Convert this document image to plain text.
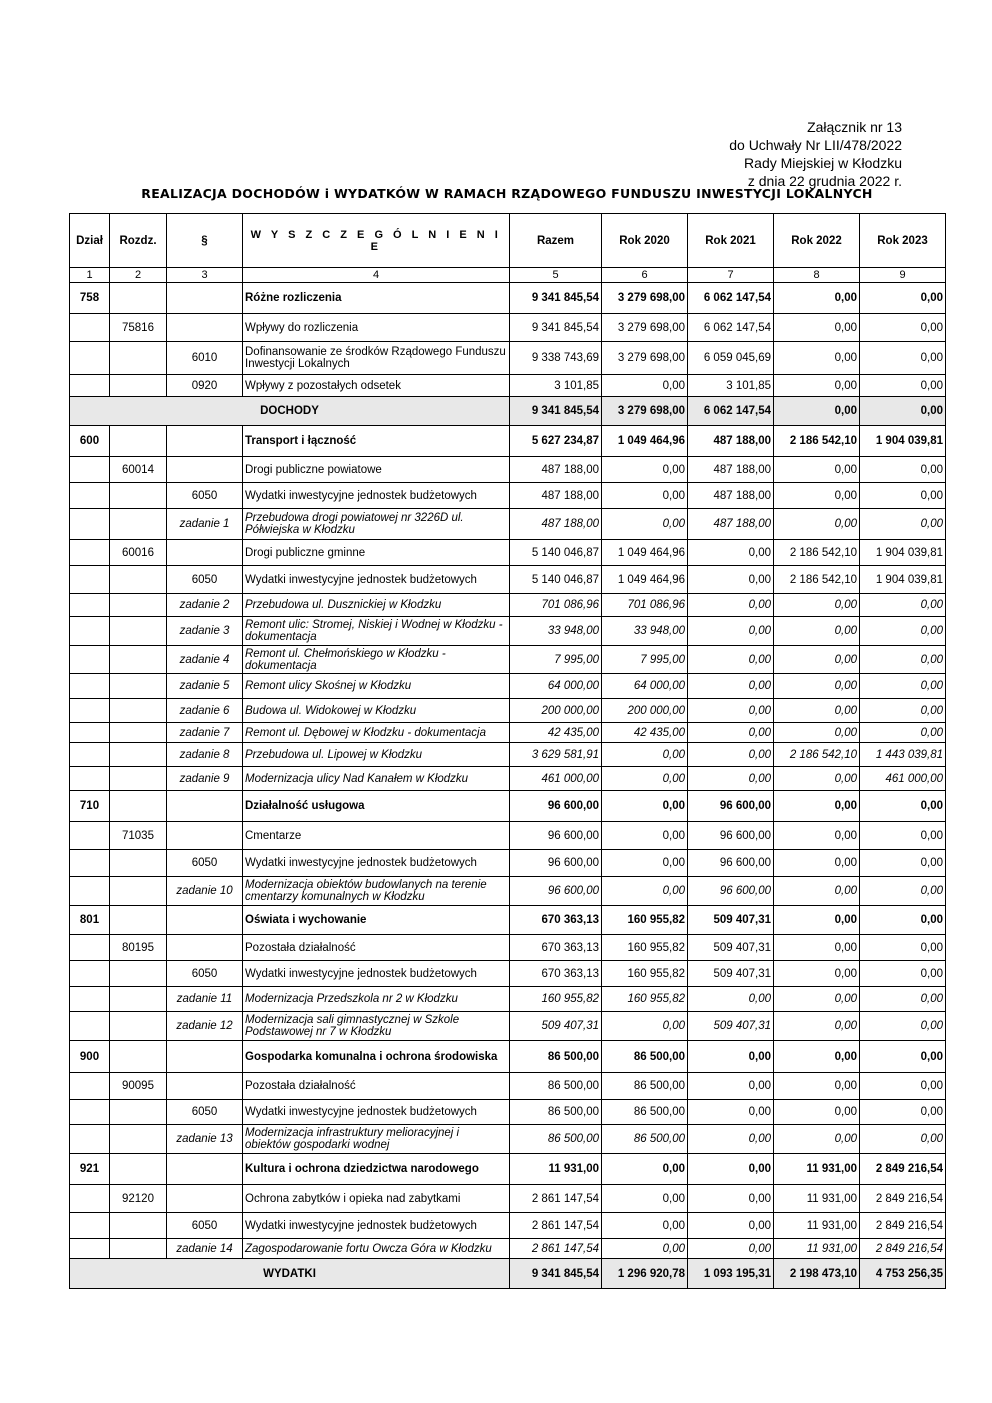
Załącznik nr 13
do Uchwały Nr LII/478/2022
Rady Miejskiej w Kłodzku
z dnia 22 grudnia 2022 r.
REALIZACJA DOCHODÓW i WYDATKÓW W RAMACH RZĄDOWEGO FUNDUSZU INWESTYCJI LOKALNYCH
Dział	Rozdz.	§	W Y S Z C Z E G Ó L N I E N I E	Razem	Rok 2020	Rok 2021	Rok 2022	Rok 2023
1	2	3	4	5	6	7	8	9
758			Różne rozliczenia	9 341 845,54	3 279 698,00	6 062 147,54	0,00	0,00
	75816		Wpływy do rozliczenia	9 341 845,54	3 279 698,00	6 062 147,54	0,00	0,00
		6010	Dofinansowanie ze środków Rządowego Funduszu Inwestycji Lokalnych	9 338 743,69	3 279 698,00	6 059 045,69	0,00	0,00
		0920	Wpływy z pozostałych odsetek	3 101,85	0,00	3 101,85	0,00	0,00
DOCHODY				9 341 845,54	3 279 698,00	6 062 147,54	0,00	0,00
600			Transport i łączność	5 627 234,87	1 049 464,96	487 188,00	2 186 542,10	1 904 039,81
	60014		Drogi publiczne powiatowe	487 188,00	0,00	487 188,00	0,00	0,00
		6050	Wydatki inwestycyjne jednostek budżetowych	487 188,00	0,00	487 188,00	0,00	0,00
		zadanie 1	Przebudowa drogi powiatowej nr 3226D ul. Półwiejska w Kłodzku	487 188,00	0,00	487 188,00	0,00	0,00
	60016		Drogi publiczne gminne	5 140 046,87	1 049 464,96	0,00	2 186 542,10	1 904 039,81
		6050	Wydatki inwestycyjne jednostek budżetowych	5 140 046,87	1 049 464,96	0,00	2 186 542,10	1 904 039,81
		zadanie 2	Przebudowa ul. Dusznickiej w Kłodzku	701 086,96	701 086,96	0,00	0,00	0,00
		zadanie 3	Remont ulic: Stromej, Niskiej i Wodnej w Kłodzku - dokumentacja	33 948,00	33 948,00	0,00	0,00	0,00
		zadanie 4	Remont ul. Chełmońskiego w Kłodzku - dokumentacja	7 995,00	7 995,00	0,00	0,00	0,00
		zadanie 5	Remont ulicy Skośnej w Kłodzku	64 000,00	64 000,00	0,00	0,00	0,00
		zadanie 6	Budowa ul. Widokowej w Kłodzku	200 000,00	200 000,00	0,00	0,00	0,00
		zadanie 7	Remont ul. Dębowej w Kłodzku - dokumentacja	42 435,00	42 435,00	0,00	0,00	0,00
		zadanie 8	Przebudowa ul. Lipowej w Kłodzku	3 629 581,91	0,00	0,00	2 186 542,10	1 443 039,81
		zadanie 9	Modernizacja ulicy Nad Kanałem w Kłodzku	461 000,00	0,00	0,00	0,00	461 000,00
710			Działalność usługowa	96 600,00	0,00	96 600,00	0,00	0,00
	71035		Cmentarze	96 600,00	0,00	96 600,00	0,00	0,00
		6050	Wydatki inwestycyjne jednostek budżetowych	96 600,00	0,00	96 600,00	0,00	0,00
		zadanie 10	Modernizacja obiektów budowlanych na terenie cmentarzy komunalnych w Kłodzku	96 600,00	0,00	96 600,00	0,00	0,00
801			Oświata i wychowanie	670 363,13	160 955,82	509 407,31	0,00	0,00
	80195		Pozostała działalność	670 363,13	160 955,82	509 407,31	0,00	0,00
		6050	Wydatki inwestycyjne jednostek budżetowych	670 363,13	160 955,82	509 407,31	0,00	0,00
		zadanie 11	Modernizacja Przedszkola nr 2 w Kłodzku	160 955,82	160 955,82	0,00	0,00	0,00
		zadanie 12	Modernizacja sali gimnastycznej w Szkole Podstawowej nr 7 w Kłodzku	509 407,31	0,00	509 407,31	0,00	0,00
900			Gospodarka komunalna i ochrona środowiska	86 500,00	86 500,00	0,00	0,00	0,00
	90095		Pozostała działalność	86 500,00	86 500,00	0,00	0,00	0,00
		6050	Wydatki inwestycyjne jednostek budżetowych	86 500,00	86 500,00	0,00	0,00	0,00
		zadanie 13	Modernizacja infrastruktury melioracyjnej i obiektów gospodarki wodnej	86 500,00	86 500,00	0,00	0,00	0,00
921			Kultura i ochrona dziedzictwa narodowego	11 931,00	0,00	0,00	11 931,00	2 849 216,54
	92120		Ochrona zabytków i opieka nad zabytkami	2 861 147,54	0,00	0,00	11 931,00	2 849 216,54
		6050	Wydatki inwestycyjne jednostek budżetowych	2 861 147,54	0,00	0,00	11 931,00	2 849 216,54
		zadanie 14	Zagospodarowanie fortu Owcza Góra w Kłodzku	2 861 147,54	0,00	0,00	11 931,00	2 849 216,54
WYDATKI				9 341 845,54	1 296 920,78	1 093 195,31	2 198 473,10	4 753 256,35
